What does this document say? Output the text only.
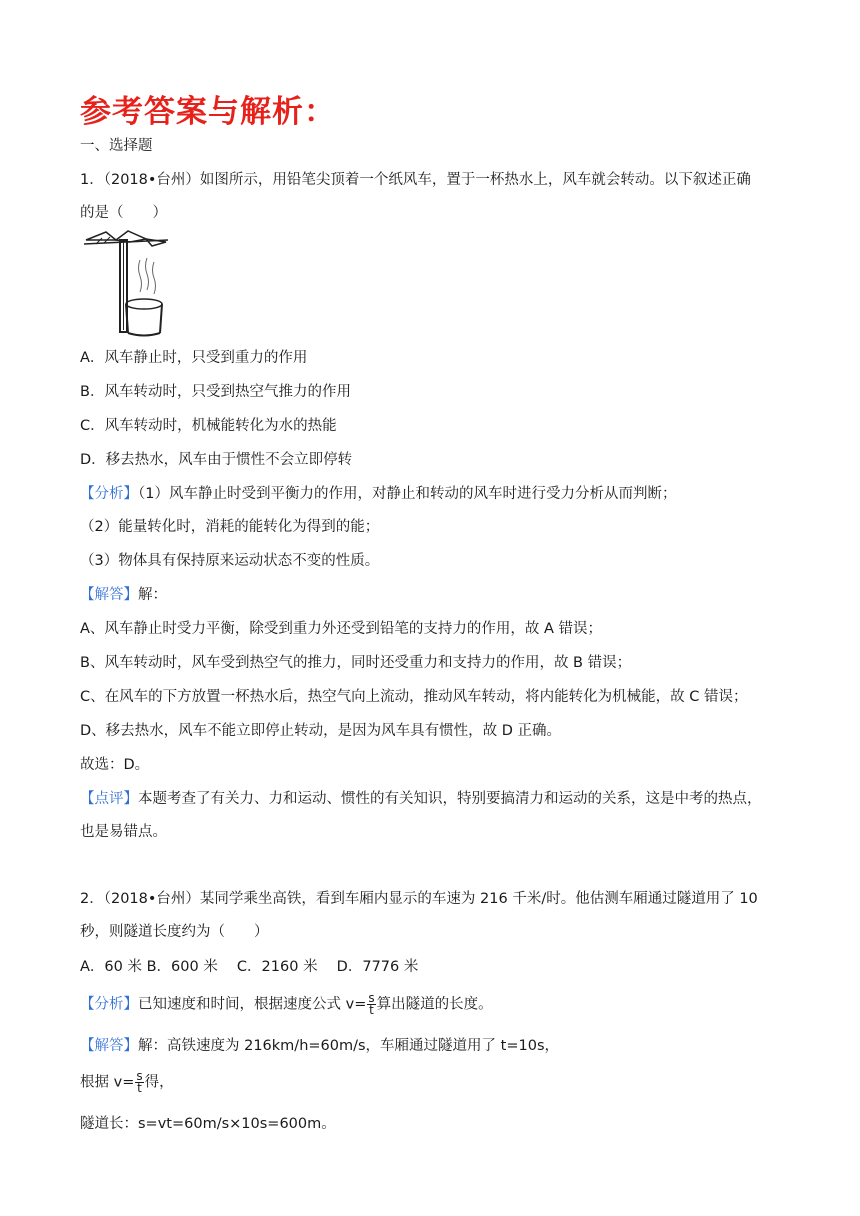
参考答案与解析：
一、选择题
1．（2018•台州）如图所示，用铅笔尖顶着一个纸风车，置于一杯热水上，风车就会转动。以下叙述正确
的是（　　）
A．风车静止时，只受到重力的作用
B．风车转动时，只受到热空气推力的作用
C．风车转动时，机械能转化为水的热能
D．移去热水，风车由于惯性不会立即停转
【分析】（1）风车静止时受到平衡力的作用，对静止和转动的风车时进行受力分析从而判断；
（2）能量转化时，消耗的能转化为得到的能；
（3）物体具有保持原来运动状态不变的性质。
【解答】解：
A、风车静止时受力平衡，除受到重力外还受到铅笔的支持力的作用，故 A 错误；
B、风车转动时，风车受到热空气的推力，同时还受重力和支持力的作用，故 B 错误；
C、在风车的下方放置一杯热水后，热空气向上流动，推动风车转动，将内能转化为机械能，故 C 错误；
D、移去热水，风车不能立即停止转动，是因为风车具有惯性，故 D 正确。
故选：D。
【点评】本题考查了有关力、力和运动、惯性的有关知识，特别要搞清力和运动的关系，这是中考的热点，
也是易错点。
2．（2018•台州）某同学乘坐高铁，看到车厢内显示的车速为 216 千米/时。他估测车厢通过隧道用了 10
秒，则隧道长度约为（　　）
A．60 米 B．600 米　 C．2160 米　 D．7776 米
【分析】已知速度和时间，根据速度公式 $v= \frac{s}{t}$ 算出隧道的长度。
【解答】解：高铁速度为 216km/h=60m/s，车厢通过隧道用了 t=10s，
根据 $v= \frac{s}{t}$ 得，
隧道长：s=vt=60m/s×10s=600m。
